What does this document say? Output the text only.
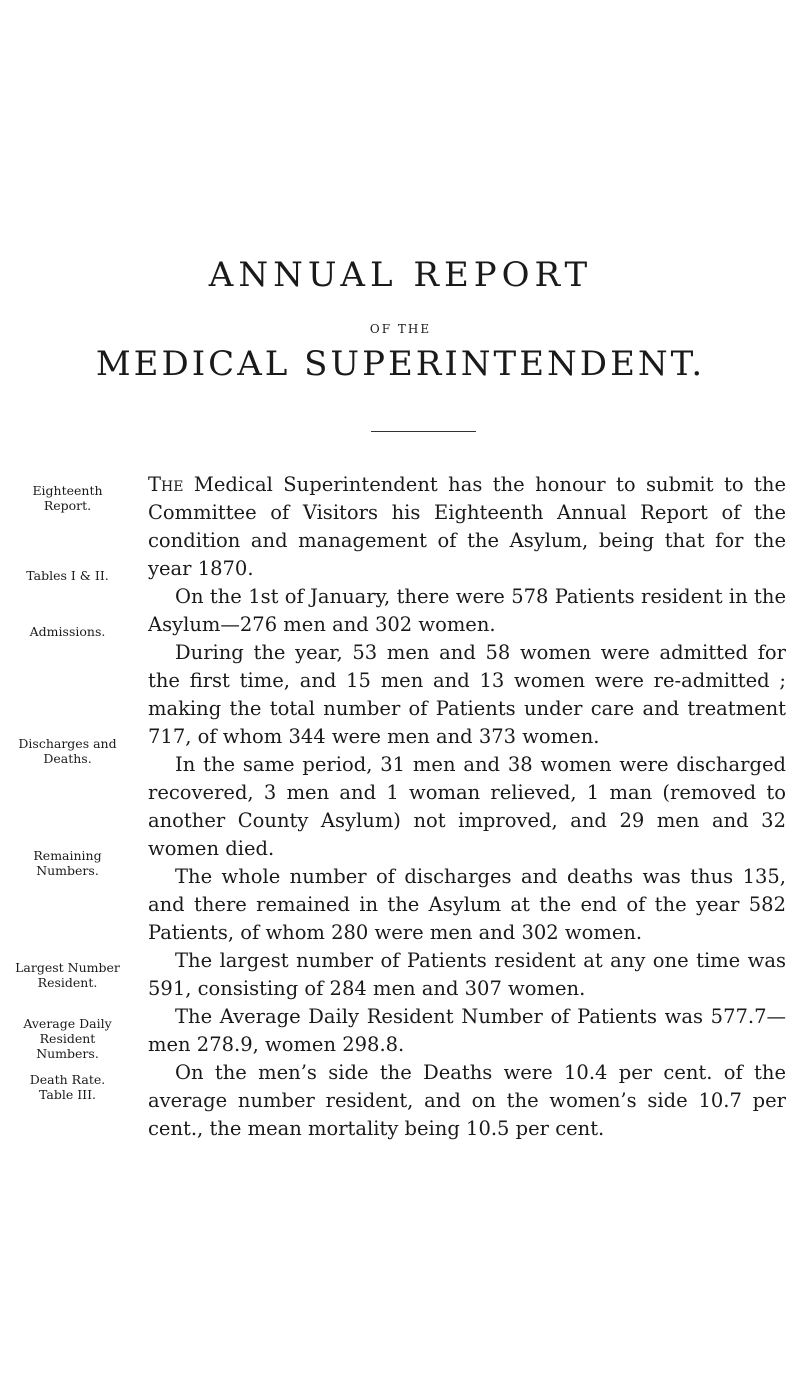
ANNUAL REPORT
OF THE
MEDICAL SUPERINTENDENT.
Eighteenth
Report.
Tables I & II.
Admissions.
Discharges and
Deaths.
Remaining
Numbers.
Largest Number
Resident.
Average Daily
Resident
Numbers.
Death Rate.
Table III.

The Medical Superintendent has the honour to submit to the Committee of Visitors his Eighteenth Annual Report of the condition and management of the Asylum, being that for the year 1870.

On the 1st of January, there were 578 Patients resident in the Asylum—276 men and 302 women.

During the year, 53 men and 58 women were admitted for the first time, and 15 men and 13 women were re-admitted ; making the total number of Patients under care and treatment 717, of whom 344 were men and 373 women.

In the same period, 31 men and 38 women were discharged recovered, 3 men and 1 woman relieved, 1 man (removed to another County Asylum) not improved, and 29 men and 32 women died.

The whole number of discharges and deaths was thus 135, and there remained in the Asylum at the end of the year 582 Patients, of whom 280 were men and 302 women.

The largest number of Patients resident at any one time was 591, consisting of 284 men and 307 women.

The Average Daily Resident Number of Patients was 577.7—men 278.9, women 298.8.

On the men’s side the Deaths were 10.4 per cent. of the average number resident, and on the women’s side 10.7 per cent., the mean mortality being 10.5 per cent.
